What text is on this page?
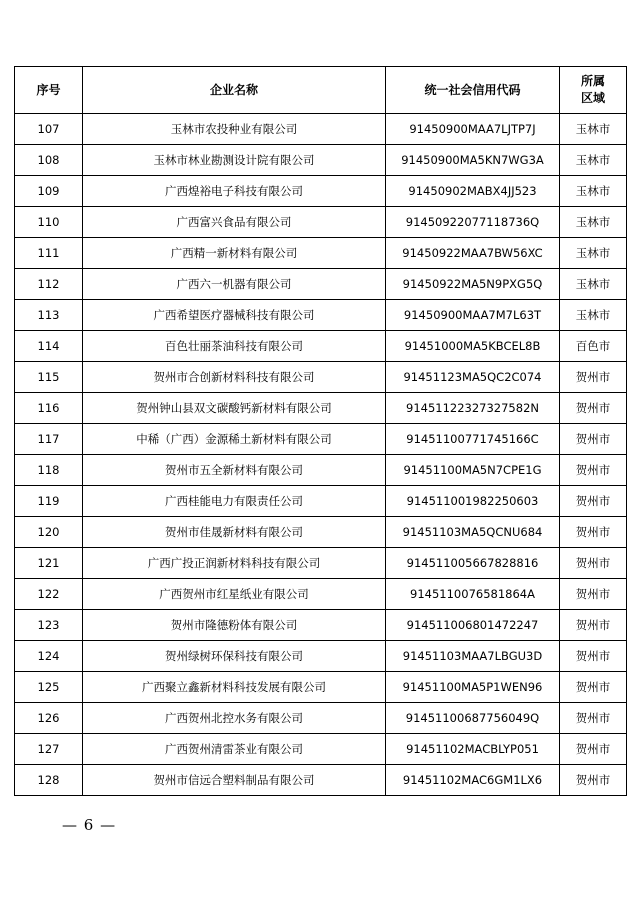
序号	企业名称	统一社会信用代码	所属
区域
107	玉林市农投种业有限公司	91450900MAA7LJTP7J	玉林市
108	玉林市林业勘测设计院有限公司	91450900MA5KN7WG3A	玉林市
109	广西煌裕电子科技有限公司	91450902MABX4JJ523	玉林市
110	广西富兴食品有限公司	91450922077118736Q	玉林市
111	广西精一新材料有限公司	91450922MAA7BW56XC	玉林市
112	广西六一机器有限公司	91450922MA5N9PXG5Q	玉林市
113	广西希望医疗器械科技有限公司	91450900MAA7M7L63T	玉林市
114	百色壮丽茶油科技有限公司	91451000MA5KBCEL8B	百色市
115	贺州市合创新材料科技有限公司	91451123MA5QC2C074	贺州市
116	贺州钟山县双文碳酸钙新材料有限公司	91451122327327582N	贺州市
117	中稀（广西）金源稀土新材料有限公司	91451100771745166C	贺州市
118	贺州市五全新材料有限公司	91451100MA5N7CPE1G	贺州市
119	广西桂能电力有限责任公司	914511001982250603	贺州市
120	贺州市佳晟新材料有限公司	91451103MA5QCNU684	贺州市
121	广西广投正润新材料科技有限公司	914511005667828816	贺州市
122	广西贺州市红星纸业有限公司	9145110076581864A	贺州市
123	贺州市隆德粉体有限公司	914511006801472247	贺州市
124	贺州绿树环保科技有限公司	91451103MAA7LBGU3D	贺州市
125	广西聚立鑫新材料科技发展有限公司	91451100MA5P1WEN96	贺州市
126	广西贺州北控水务有限公司	91451100687756049Q	贺州市
127	广西贺州清雷茶业有限公司	91451102MACBLYP051	贺州市
128	贺州市信远合塑料制品有限公司	91451102MAC6GM1LX6	贺州市
— 6 —
